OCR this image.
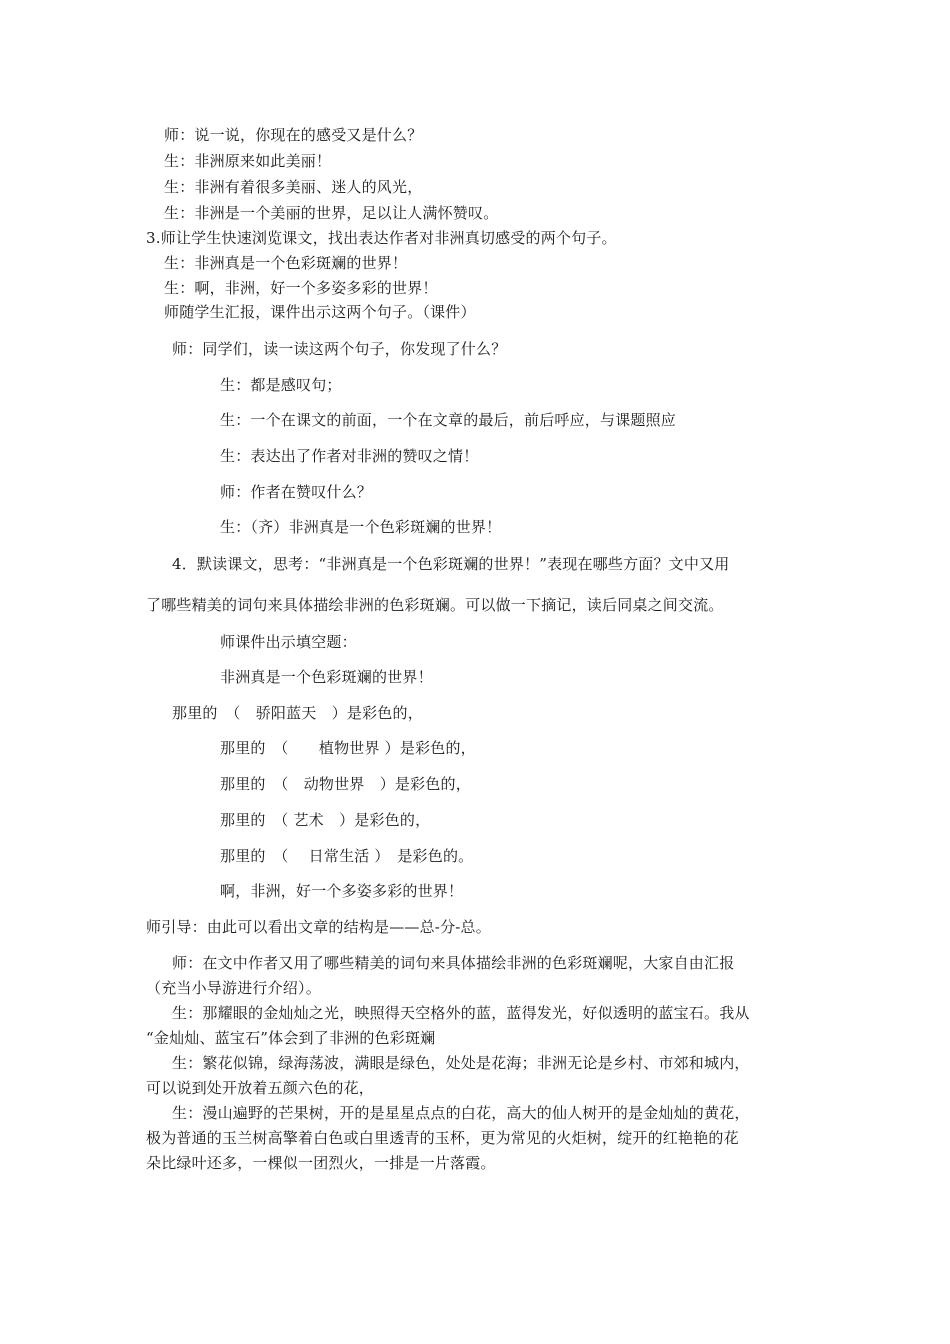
师：说一说，你现在的感受又是什么？
生：非洲原来如此美丽！
生：非洲有着很多美丽、迷人的风光，
生：非洲是一个美丽的世界，足以让人满怀赞叹。
3.师让学生快速浏览课文，找出表达作者对非洲真切感受的两个句子。
生：非洲真是一个色彩斑斓的世界！
生：啊，非洲，好一个多姿多彩的世界！
师随学生汇报，课件出示这两个句子。（课件）
师：同学们，读一读这两个句子，你发现了什么？
生：都是感叹句；
生：一个在课文的前面，一个在文章的最后，前后呼应，与课题照应
生：表达出了作者对非洲的赞叹之情！
师：作者在赞叹什么？
生：（齐）非洲真是一个色彩斑斓的世界！
4．默读课文，思考：“非洲真是一个色彩斑斓的世界！”表现在哪些方面？文中又用
了哪些精美的词句来具体描绘非洲的色彩斑斓。可以做一下摘记，读后同桌之间交流。
师课件出示填空题：
非洲真是一个色彩斑斓的世界！
那里的　（　骄阳蓝天　）是彩色的，
那里的　（　　植物世界 ）是彩色的，
那里的　（　动物世界　）是彩色的，
那里的　（ 艺术　）是彩色的，
那里的　（　 日常生活 ）　是彩色的。
啊，非洲，好一个多姿多彩的世界！
师引导：由此可以看出文章的结构是——总-分-总。
师：在文中作者又用了哪些精美的词句来具体描绘非洲的色彩斑斓呢，大家自由汇报
（充当小导游进行介绍）。
生：那耀眼的金灿灿之光，映照得天空格外的蓝，蓝得发光，好似透明的蓝宝石。我从
“金灿灿、蓝宝石”体会到了非洲的色彩斑斓
生：繁花似锦，绿海荡波，满眼是绿色，处处是花海；非洲无论是乡村、市郊和城内，
可以说到处开放着五颜六色的花，
生：漫山遍野的芒果树，开的是星星点点的白花，高大的仙人树开的是金灿灿的黄花，
极为普通的玉兰树高擎着白色或白里透青的玉杯，更为常见的火炬树，绽开的红艳艳的花
朵比绿叶还多，一棵似一团烈火，一排是一片落霞。
